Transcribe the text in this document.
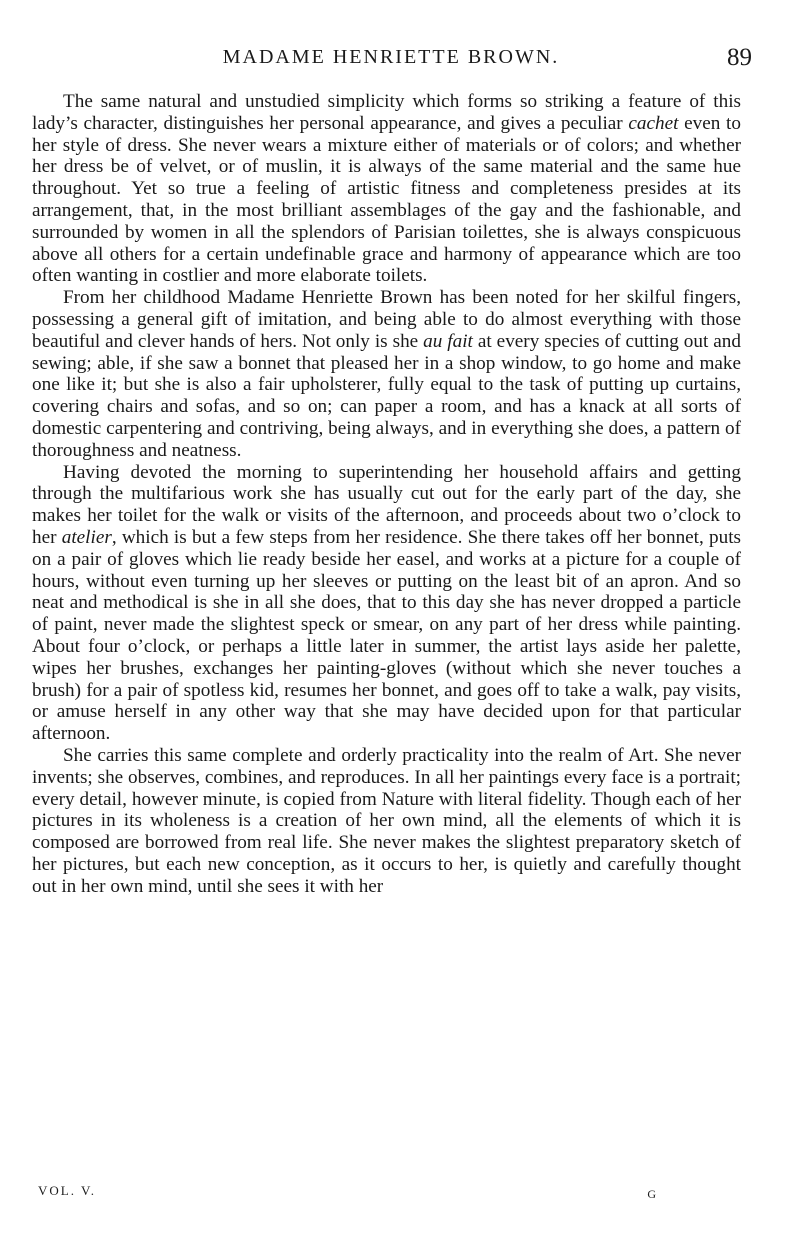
MADAME HENRIETTE BROWN.	89

The same natural and unstudied simplicity which forms so striking a feature of this lady’s character, distinguishes her personal appearance, and gives a peculiar cachet even to her style of dress. She never wears a mixture either of materials or of colors; and whether her dress be of velvet, or of muslin, it is always of the same material and the same hue throughout. Yet so true a feeling of artistic fitness and completeness presides at its arrangement, that, in the most brilliant assemblages of the gay and the fashionable, and surrounded by women in all the splendors of Parisian toilettes, she is always conspicuous above all others for a certain undefinable grace and harmony of appearance which are too often wanting in costlier and more elaborate toilets.

From her childhood Madame Henriette Brown has been noted for her skilful fingers, possessing a general gift of imitation, and being able to do almost everything with those beautiful and clever hands of hers. Not only is she au fait at every species of cutting out and sewing; able, if she saw a bonnet that pleased her in a shop window, to go home and make one like it; but she is also a fair upholsterer, fully equal to the task of putting up curtains, covering chairs and sofas, and so on; can paper a room, and has a knack at all sorts of domestic carpentering and contriving, being always, and in everything she does, a pattern of thoroughness and neatness.

Having devoted the morning to superintending her household affairs and getting through the multifarious work she has usually cut out for the early part of the day, she makes her toilet for the walk or visits of the afternoon, and proceeds about two o’clock to her atelier, which is but a few steps from her residence. She there takes off her bonnet, puts on a pair of gloves which lie ready beside her easel, and works at a picture for a couple of hours, without even turning up her sleeves or putting on the least bit of an apron. And so neat and methodical is she in all she does, that to this day she has never dropped a particle of paint, never made the slightest speck or smear, on any part of her dress while painting. About four o’clock, or perhaps a little later in summer, the artist lays aside her palette, wipes her brushes, exchanges her painting-gloves (without which she never touches a brush) for a pair of spotless kid, resumes her bonnet, and goes off to take a walk, pay visits, or amuse herself in any other way that she may have decided upon for that particular afternoon.

She carries this same complete and orderly practicality into the realm of Art. She never invents; she observes, combines, and reproduces. In all her paintings every face is a portrait; every detail, however minute, is copied from Nature with literal fidelity. Though each of her pictures in its wholeness is a creation of her own mind, all the elements of which it is composed are borrowed from real life. She never makes the slightest preparatory sketch of her pictures, but each new conception, as it occurs to her, is quietly and carefully thought out in her own mind, until she sees it with her

VOL. V.	G
